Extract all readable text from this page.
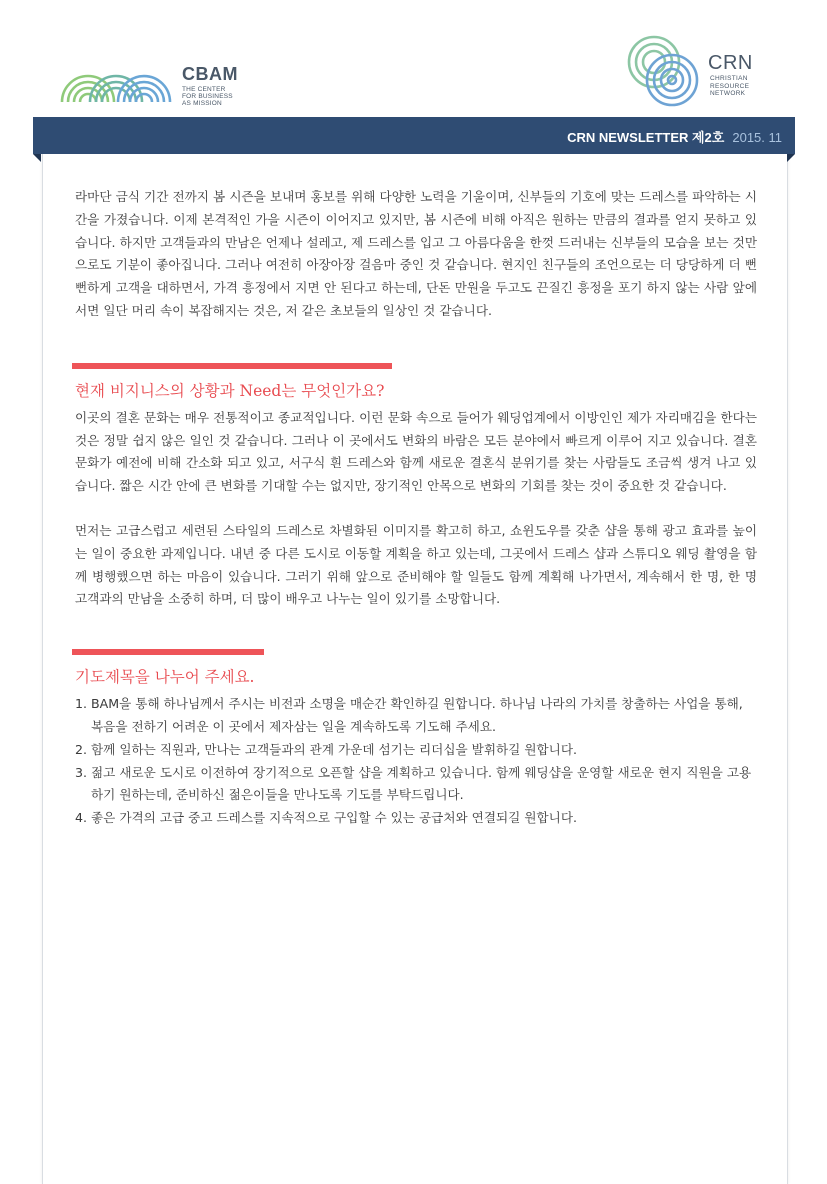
CBAM
THE CENTER
FOR BUSINESS
AS MISSION
CRN
CHRISTIAN
RESOURCE
NETWORK
CRN NEWSLETTER 제2호 2015. 11

라마단 금식 기간 전까지 봄 시즌을 보내며 홍보를 위해 다양한 노력을 기울이며, 신부들의 기호에 맞는 드레스를 파악하는 시간을 가졌습니다. 이제 본격적인 가을 시즌이 이어지고 있지만, 봄 시즌에 비해 아직은 원하는 만큼의 결과를 얻지 못하고 있습니다. 하지만 고객들과의 만남은 언제나 설레고, 제 드레스를 입고 그 아름다움을 한껏 드러내는 신부들의 모습을 보는 것만으로도 기분이 좋아집니다. 그러나 여전히 아장아장 걸음마 중인 것 같습니다. 현지인 친구들의 조언으로는 더 당당하게 더 뻔뻔하게 고객을 대하면서, 가격 흥정에서 지면 안 된다고 하는데, 단돈 만원을 두고도 끈질긴 흥정을 포기 하지 않는 사람 앞에 서면 일단 머리 속이 복잡해지는 것은, 저 같은 초보들의 일상인 것 같습니다.

현재 비지니스의 상황과 Need는 무엇인가요?

이곳의 결혼 문화는 매우 전통적이고 종교적입니다. 이런 문화 속으로 들어가 웨딩업계에서 이방인인 제가 자리매김을 한다는 것은 정말 쉽지 않은 일인 것 같습니다. 그러나 이 곳에서도 변화의 바람은 모든 분야에서 빠르게 이루어 지고 있습니다. 결혼 문화가 예전에 비해 간소화 되고 있고, 서구식 흰 드레스와 함께 새로운 결혼식 분위기를 찾는 사람들도 조금씩 생겨 나고 있습니다. 짧은 시간 안에 큰 변화를 기대할 수는 없지만, 장기적인 안목으로 변화의 기회를 찾는 것이 중요한 것 같습니다.

먼저는 고급스럽고 세련된 스타일의 드레스로 차별화된 이미지를 확고히 하고, 쇼윈도우를 갖춘 샵을 통해 광고 효과를 높이는 일이 중요한 과제입니다. 내년 중 다른 도시로 이동할 계획을 하고 있는데, 그곳에서 드레스 샵과 스튜디오 웨딩 촬영을 함께 병행했으면 하는 마음이 있습니다. 그러기 위해 앞으로 준비해야 할 일들도 함께 계획해 나가면서, 계속해서 한 명, 한 명 고객과의 만남을 소중히 하며, 더 많이 배우고 나누는 일이 있기를 소망합니다.

기도제목을 나누어 주세요.
1. BAM을 통해 하나님께서 주시는 비전과 소명을 매순간 확인하길 원합니다. 하나님 나라의 가치를 창출하는 사업을 통해, 복음을 전하기 어려운 이 곳에서 제자삼는 일을 계속하도록 기도해 주세요.
2. 함께 일하는 직원과, 만나는 고객들과의 관계 가운데 섬기는 리더십을 발휘하길 원합니다.
3. 젊고 새로운 도시로 이전하여 장기적으로 오픈할 샵을 계획하고 있습니다. 함께 웨딩샵을 운영할 새로운 현지 직원을 고용하기 원하는데, 준비하신 젊은이들을 만나도록 기도를 부탁드립니다.
4. 좋은 가격의 고급 중고 드레스를 지속적으로 구입할 수 있는 공급처와 연결되길 원합니다.
